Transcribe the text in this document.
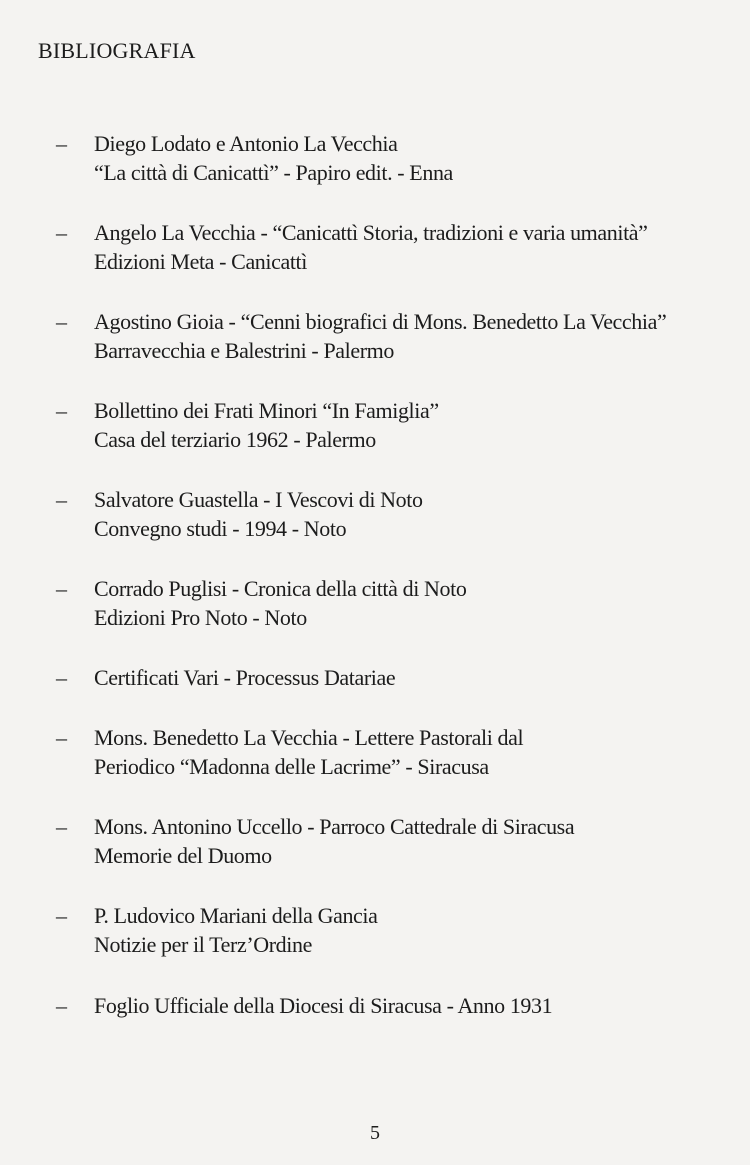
BIBLIOGRAFIA
– Diego Lodato e Antonio La Vecchia
“La città di Canicattì” - Papiro edit. - Enna
– Angelo La Vecchia - “Canicattì Storia, tradizioni e varia umanità”
Edizioni Meta - Canicattì
– Agostino Gioia - “Cenni biografici di Mons. Benedetto La Vecchia”
Barravecchia e Balestrini - Palermo
– Bollettino dei Frati Minori “In Famiglia”
Casa del terziario 1962 - Palermo
– Salvatore Guastella - I Vescovi di Noto
Convegno studi - 1994 - Noto
– Corrado Puglisi - Cronica della città di Noto
Edizioni Pro Noto - Noto
– Certificati Vari - Processus Datariae
– Mons. Benedetto La Vecchia - Lettere Pastorali dal
Periodico “Madonna delle Lacrime” - Siracusa
– Mons. Antonino Uccello - Parroco Cattedrale di Siracusa
Memorie del Duomo
– P. Ludovico Mariani della Gancia
Notizie per il Terz’Ordine
– Foglio Ufficiale della Diocesi di Siracusa - Anno 1931
5
